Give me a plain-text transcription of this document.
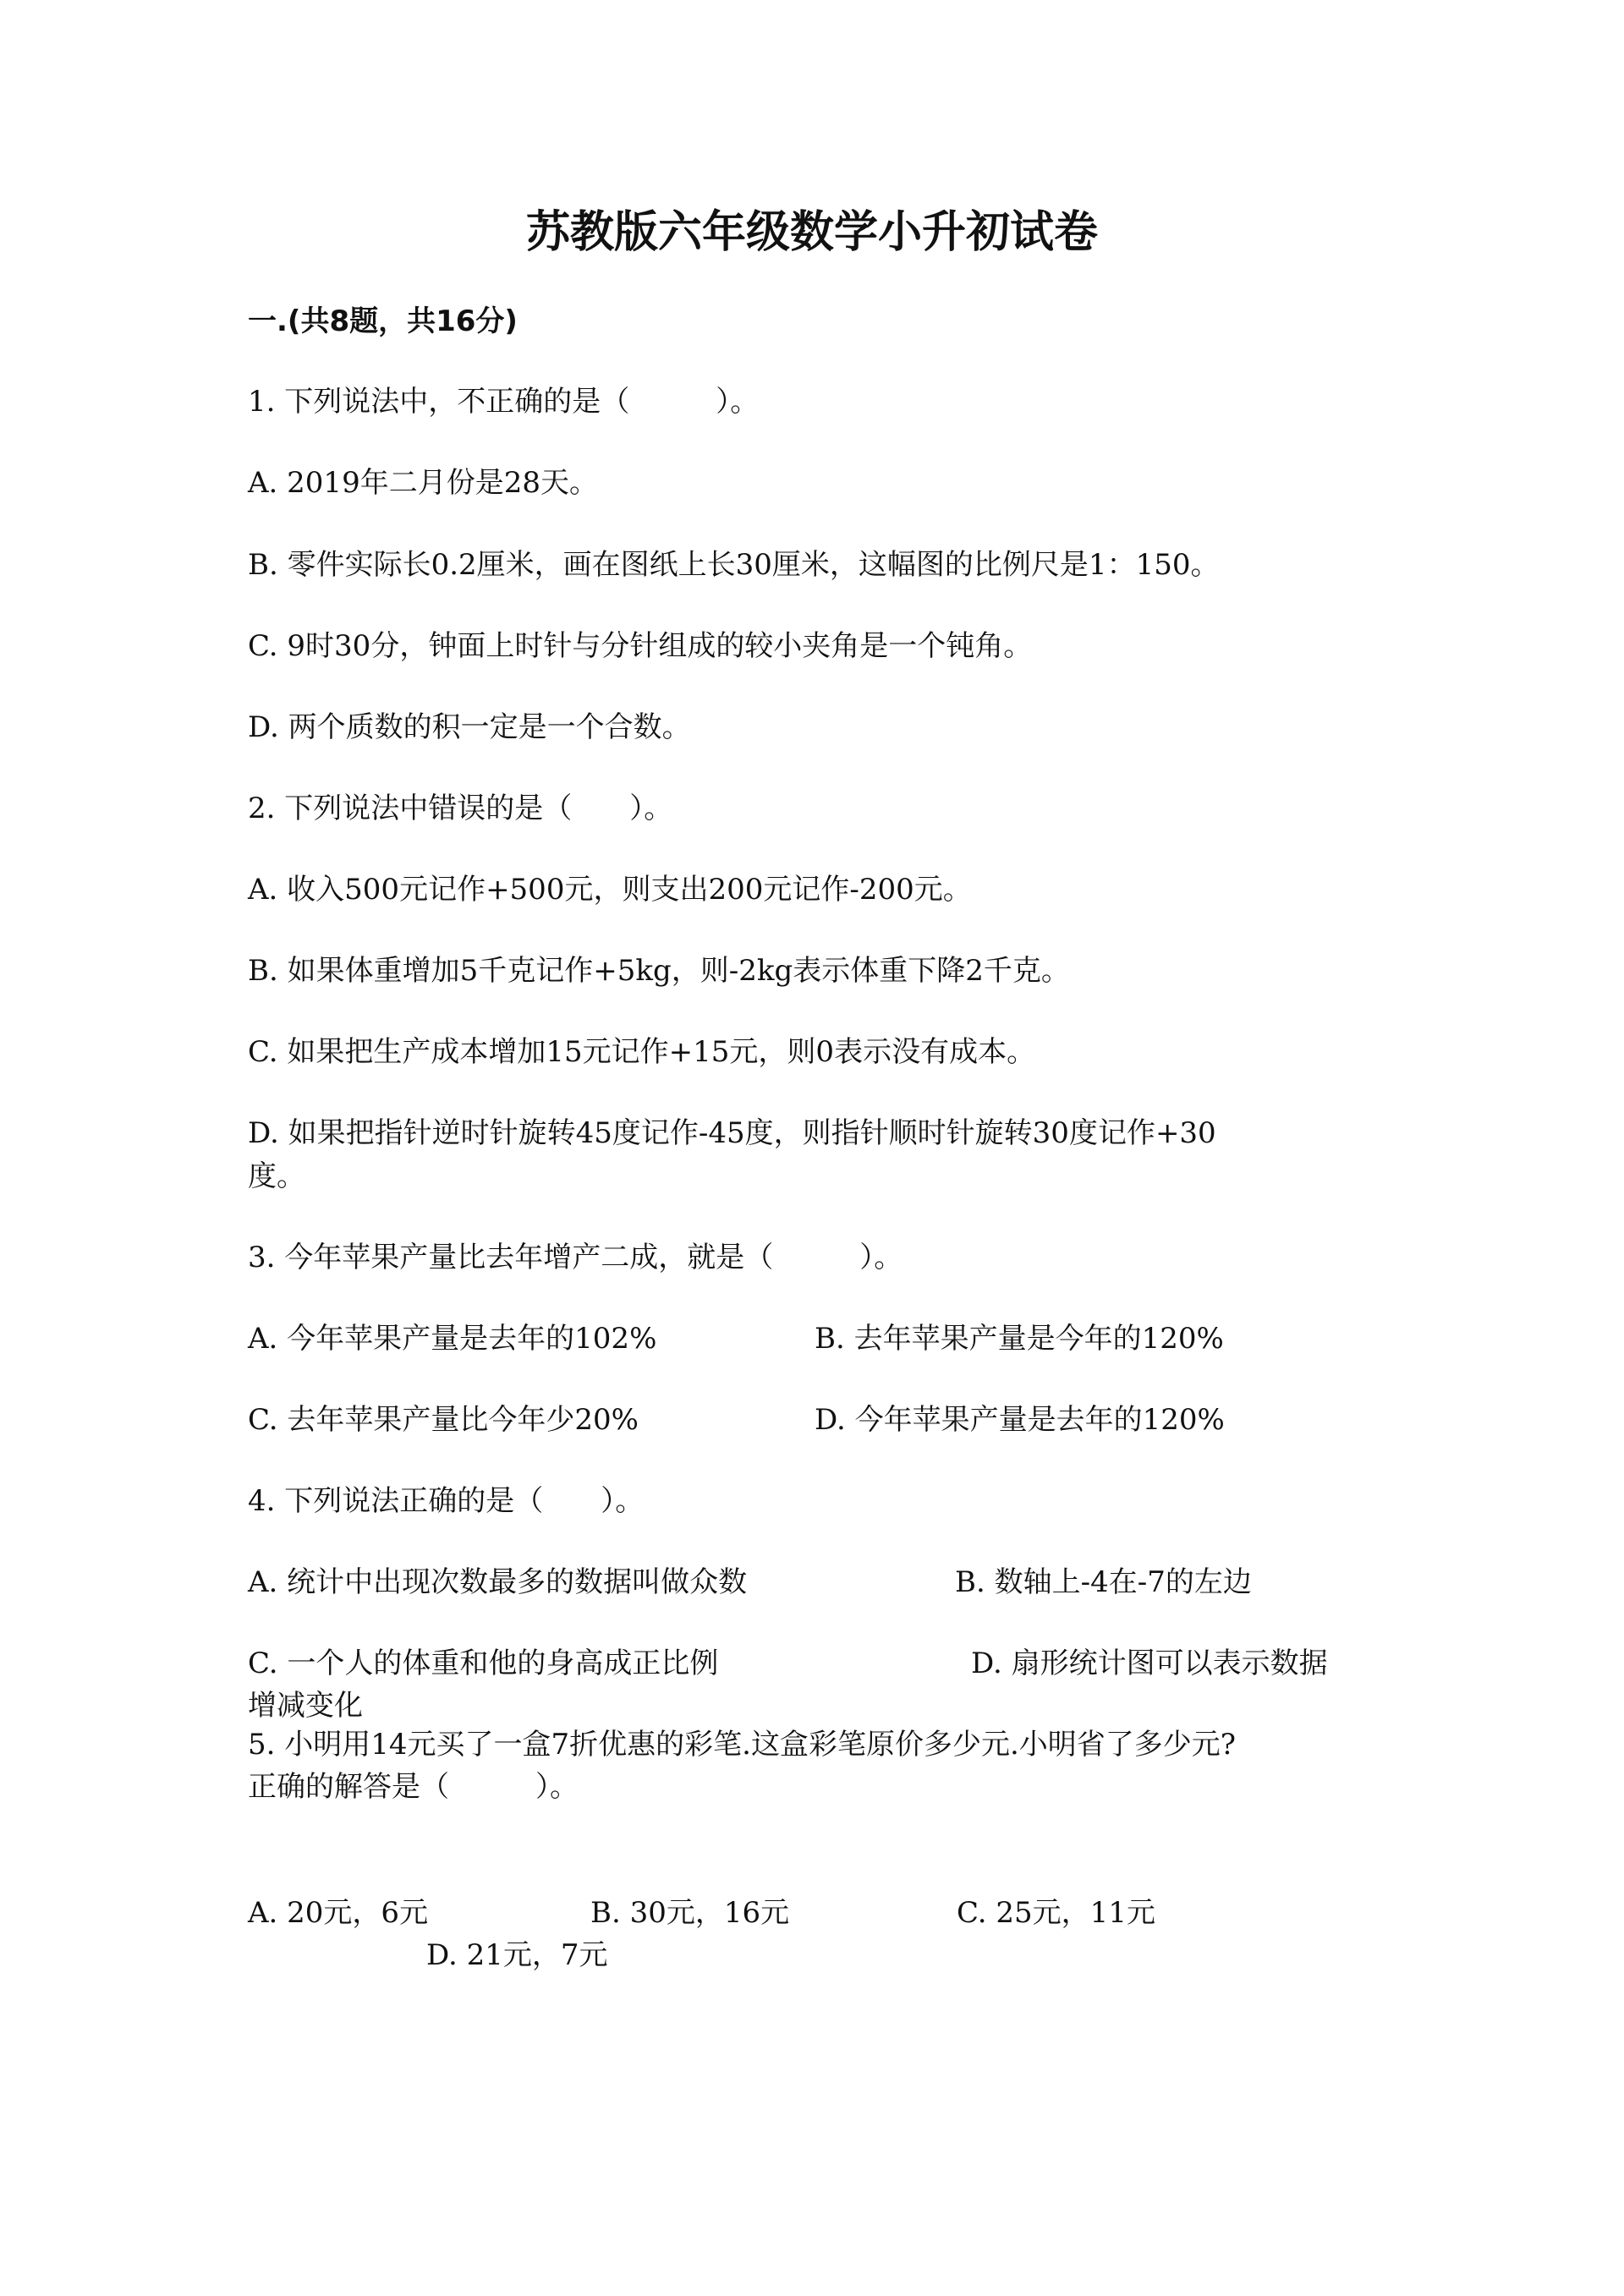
苏教版六年级数学小升初试卷
一.(共8题，共16分)
1. 下列说法中，不正确的是（　　　）。
A. 2019年二月份是28天。
B. 零件实际长0.2厘米，画在图纸上长30厘米，这幅图的比例尺是1：150。
C. 9时30分，钟面上时针与分针组成的较小夹角是一个钝角。
D. 两个质数的积一定是一个合数。
2. 下列说法中错误的是（　　）。
A. 收入500元记作+500元，则支出200元记作-200元。
B. 如果体重增加5千克记作+5kg，则-2kg表示体重下降2千克。
C. 如果把生产成本增加15元记作+15元，则0表示没有成本。
D. 如果把指针逆时针旋转45度记作-45度，则指针顺时针旋转30度记作+30
度。
3. 今年苹果产量比去年增产二成，就是（　　　）。
A. 今年苹果产量是去年的102%	B. 去年苹果产量是今年的120%
C. 去年苹果产量比今年少20%	D. 今年苹果产量是去年的120%
4. 下列说法正确的是（　　）。
A. 统计中出现次数最多的数据叫做众数	B. 数轴上-4在-7的左边
C. 一个人的体重和他的身高成正比例	D. 扇形统计图可以表示数据
增减变化
5. 小明用14元买了一盒7折优惠的彩笔.这盒彩笔原价多少元.小明省了多少元?
正确的解答是（　　　）。
A. 20元，6元	B. 30元，16元	C. 25元，11元
D. 21元，7元
